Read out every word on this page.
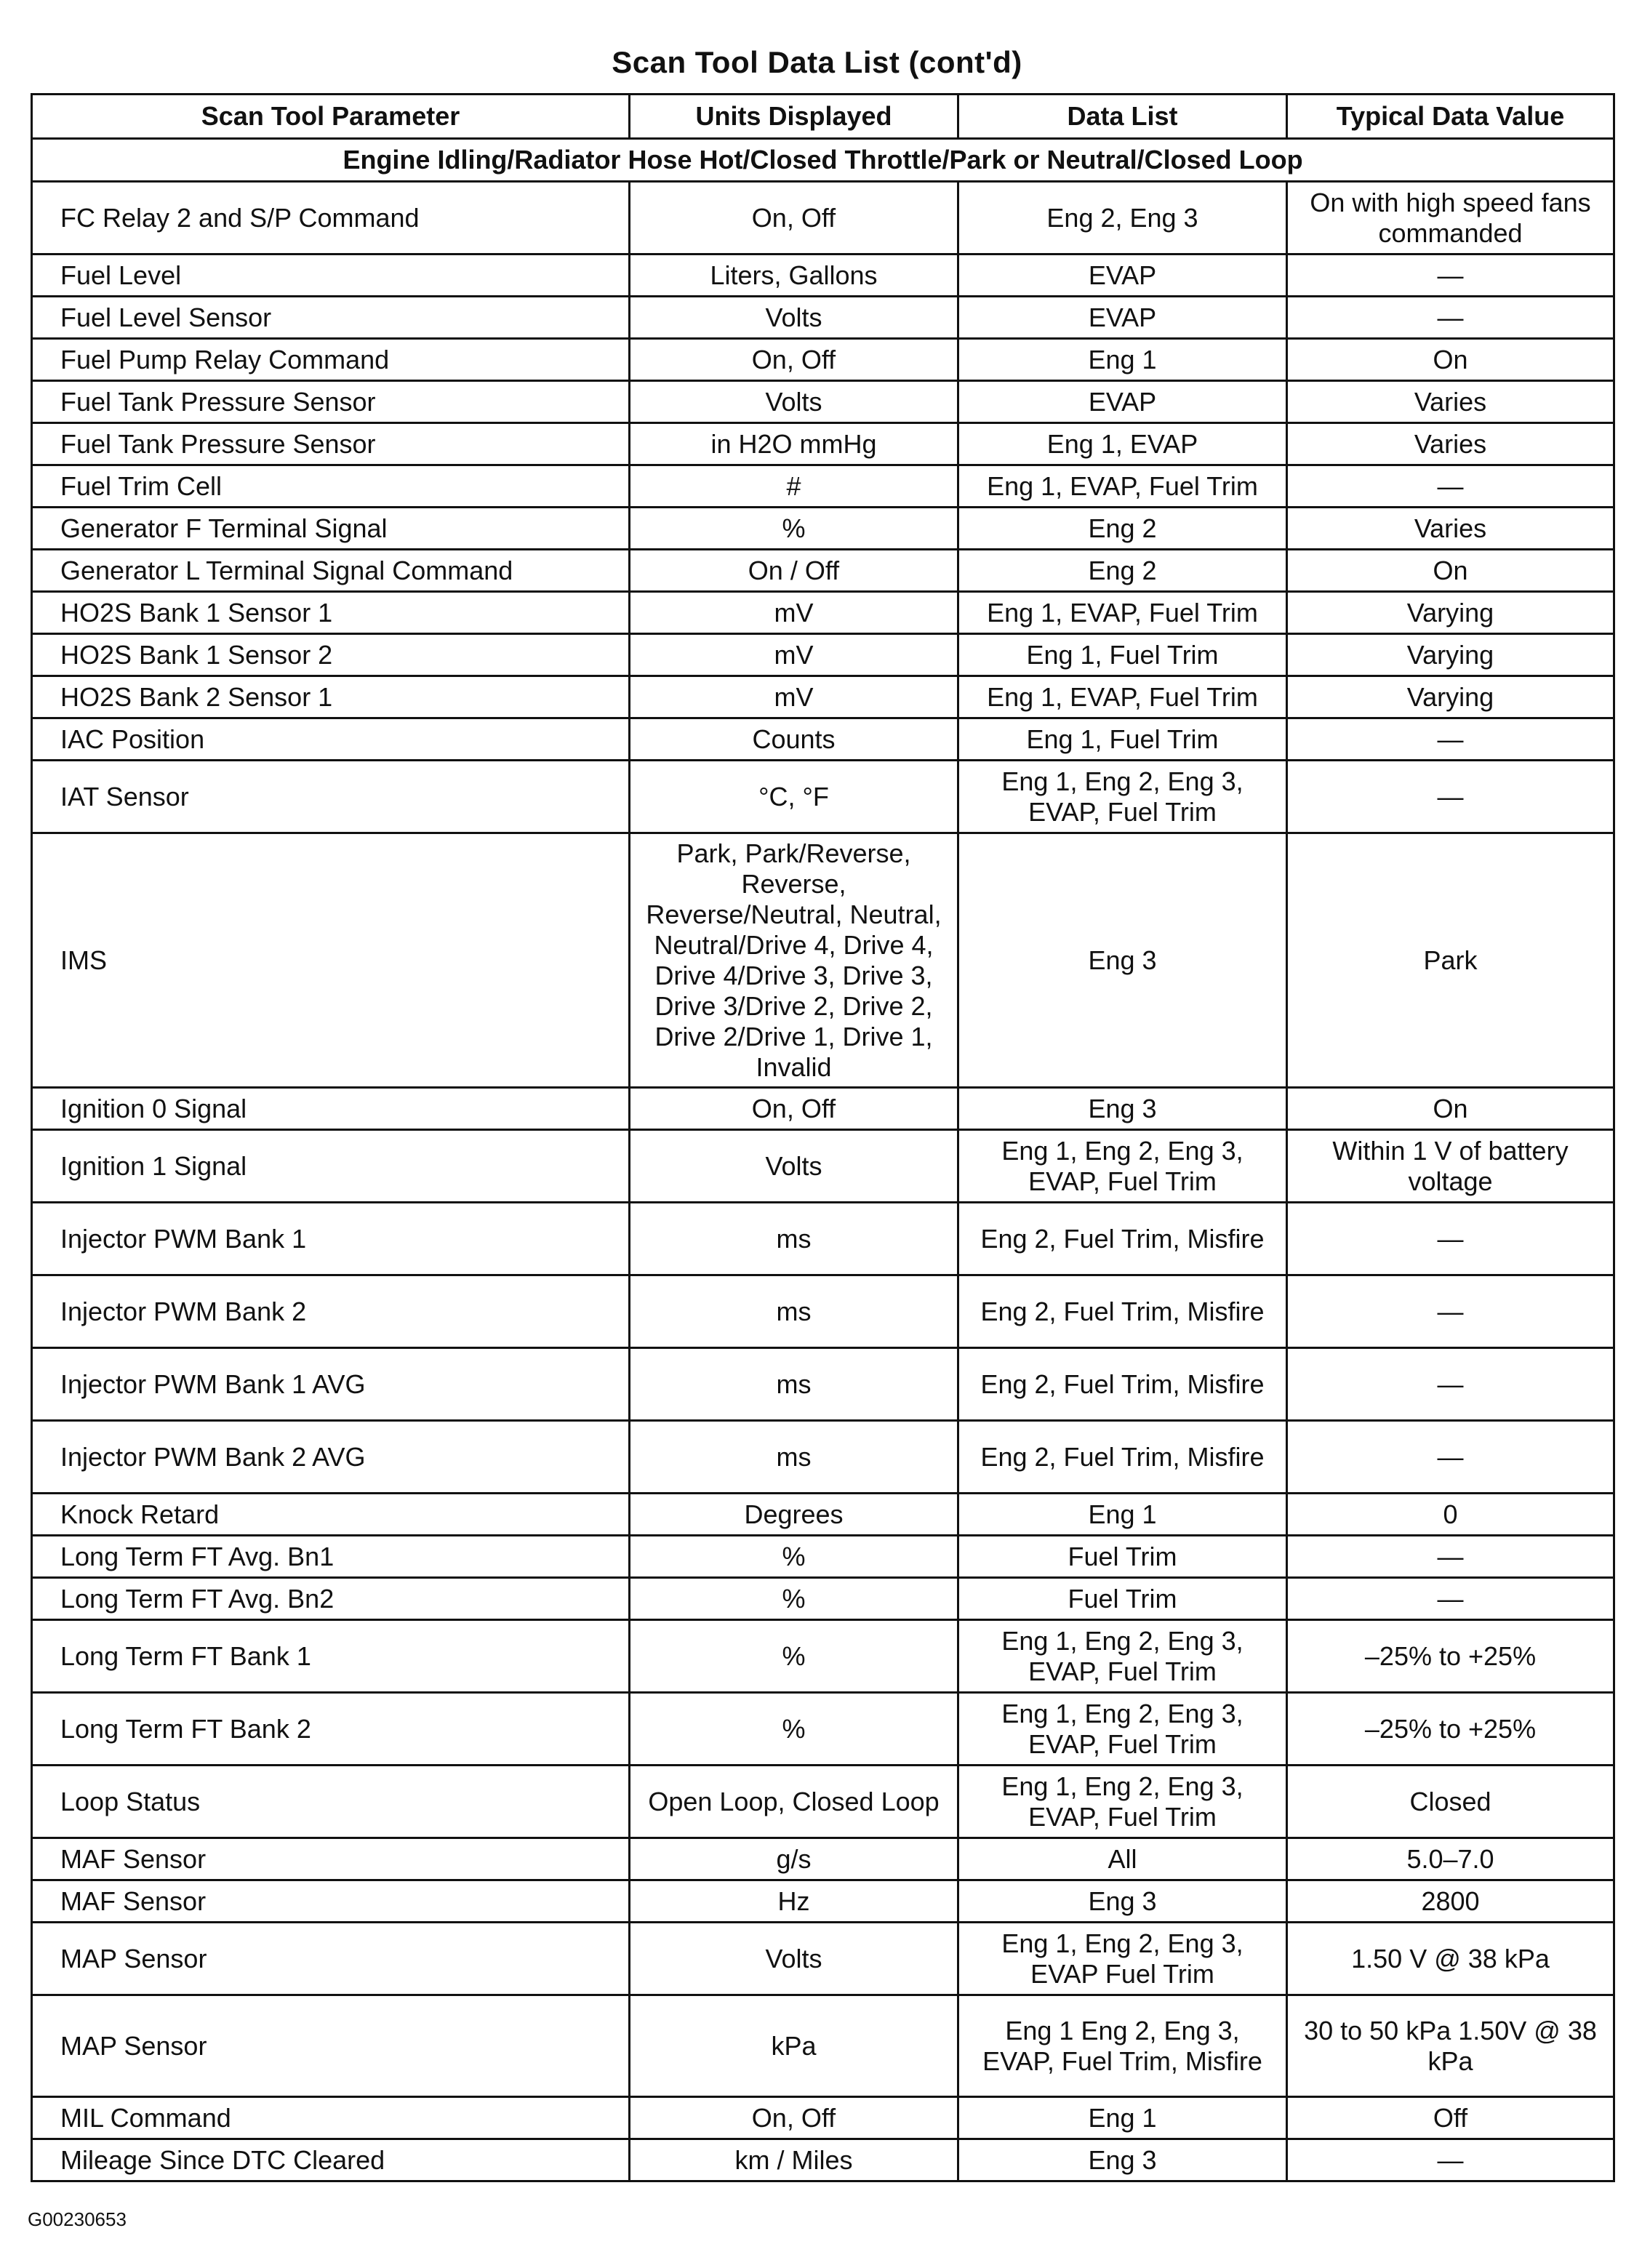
Scan Tool Data List (cont'd)
Scan Tool Parameter	Units Displayed	Data List	Typical Data Value
Engine Idling/Radiator Hose Hot/Closed Throttle/Park or Neutral/Closed Loop			
FC Relay 2 and S/P Command	On, Off	Eng 2, Eng 3	On with high speed fans commanded
Fuel Level	Liters, Gallons	EVAP	—
Fuel Level Sensor	Volts	EVAP	—
Fuel Pump Relay Command	On, Off	Eng 1	On
Fuel Tank Pressure Sensor	Volts	EVAP	Varies
Fuel Tank Pressure Sensor	in H2O mmHg	Eng 1, EVAP	Varies
Fuel Trim Cell	#	Eng 1, EVAP, Fuel Trim	—
Generator F Terminal Signal	%	Eng 2	Varies
Generator L Terminal Signal Command	On / Off	Eng 2	On
HO2S Bank 1 Sensor 1	mV	Eng 1, EVAP, Fuel Trim	Varying
HO2S Bank 1 Sensor 2	mV	Eng 1, Fuel Trim	Varying
HO2S Bank 2 Sensor 1	mV	Eng 1, EVAP, Fuel Trim	Varying
IAC Position	Counts	Eng 1, Fuel Trim	—
IAT Sensor	°C, °F	Eng 1, Eng 2, Eng 3, EVAP, Fuel Trim	—
IMS	Park, Park/Reverse, Reverse, Reverse/Neutral, Neutral, Neutral/Drive 4, Drive 4, Drive 4/Drive 3, Drive 3, Drive 3/Drive 2, Drive 2, Drive 2/Drive 1, Drive 1, Invalid	Eng 3	Park
Ignition 0 Signal	On, Off	Eng 3	On
Ignition 1 Signal	Volts	Eng 1, Eng 2, Eng 3, EVAP, Fuel Trim	Within 1 V of battery voltage
Injector PWM Bank 1	ms	Eng 2, Fuel Trim, Misfire	—
Injector PWM Bank 2	ms	Eng 2, Fuel Trim, Misfire	—
Injector PWM Bank 1 AVG	ms	Eng 2, Fuel Trim, Misfire	—
Injector PWM Bank 2 AVG	ms	Eng 2, Fuel Trim, Misfire	—
Knock Retard	Degrees	Eng 1	0
Long Term FT Avg. Bn1	%	Fuel Trim	—
Long Term FT Avg. Bn2	%	Fuel Trim	—
Long Term FT Bank 1	%	Eng 1, Eng 2, Eng 3, EVAP, Fuel Trim	–25% to +25%
Long Term FT Bank 2	%	Eng 1, Eng 2, Eng 3, EVAP, Fuel Trim	–25% to +25%
Loop Status	Open Loop, Closed Loop	Eng 1, Eng 2, Eng 3, EVAP, Fuel Trim	Closed
MAF Sensor	g/s	All	5.0–7.0
MAF Sensor	Hz	Eng 3	2800
MAP Sensor	Volts	Eng 1, Eng 2, Eng 3, EVAP Fuel Trim	1.50 V @ 38 kPa
MAP Sensor	kPa	Eng 1 Eng 2, Eng 3, EVAP, Fuel Trim, Misfire	30 to 50 kPa 1.50V @ 38 kPa
MIL Command	On, Off	Eng 1	Off
Mileage Since DTC Cleared	km / Miles	Eng 3	—
G00230653
